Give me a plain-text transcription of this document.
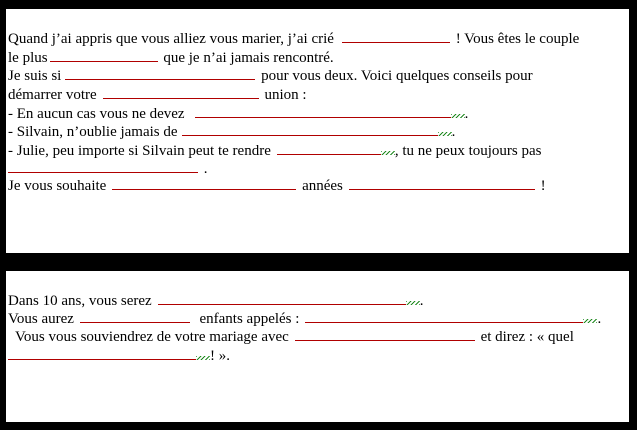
Quand j’ai appris que vous alliez vous marier, j’ai crié	! Vous êtes le couple
le plus	que je n’ai jamais rencontré.
Je suis si	pour vous deux. Voici quelques conseils pour
démarrer votre	union :
- En aucun cas vous ne devez	.
- Silvain, n’oublie jamais de	.
- Julie, peu importe si Silvain peut te rendre	, tu ne peux toujours pas
.
Je vous souhaite	années	!
Dans 10 ans, vous serez	.
Vous aurez	enfants appelés :	.
Vous vous souviendrez de votre mariage avec	et direz : « quel
! ».
